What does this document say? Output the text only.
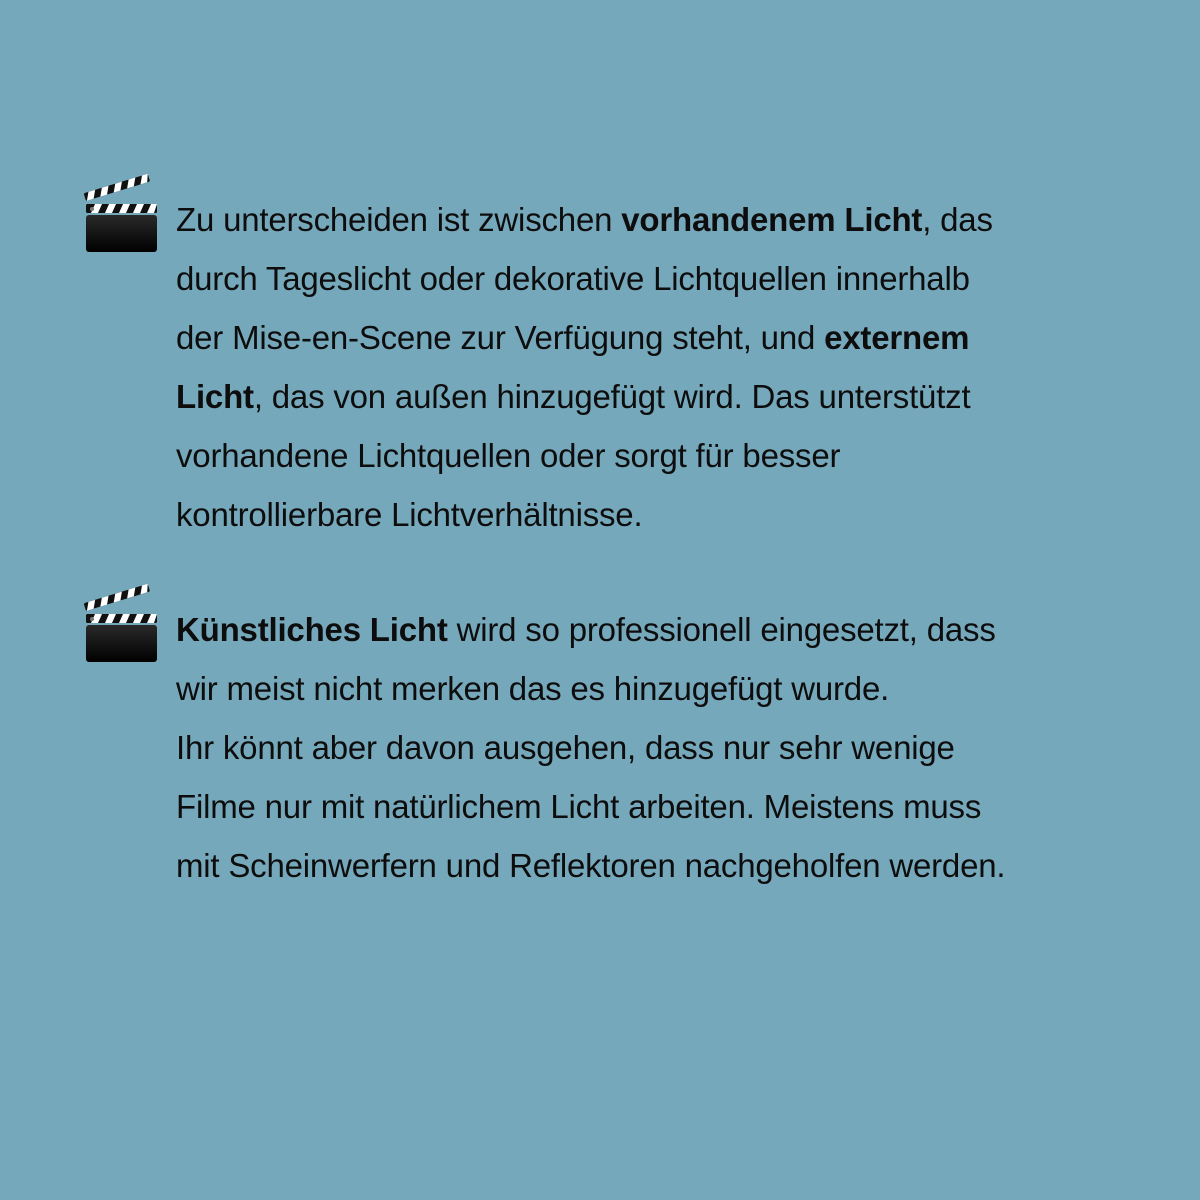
Zu unterscheiden ist zwischen vorhandenem Licht, das
durch Tageslicht oder dekorative Lichtquellen innerhalb
der Mise-en-Scene zur Verfügung steht, und externem
Licht, das von außen hinzugefügt wird. Das unterstützt
vorhandene Lichtquellen oder sorgt für besser
kontrollierbare Lichtverhältnisse.
Künstliches Licht wird so professionell eingesetzt, dass
wir meist nicht merken das es hinzugefügt wurde.
Ihr könnt aber davon ausgehen, dass nur sehr wenige
Filme nur mit natürlichem Licht arbeiten. Meistens muss
mit Scheinwerfern und Reflektoren nachgeholfen werden.
